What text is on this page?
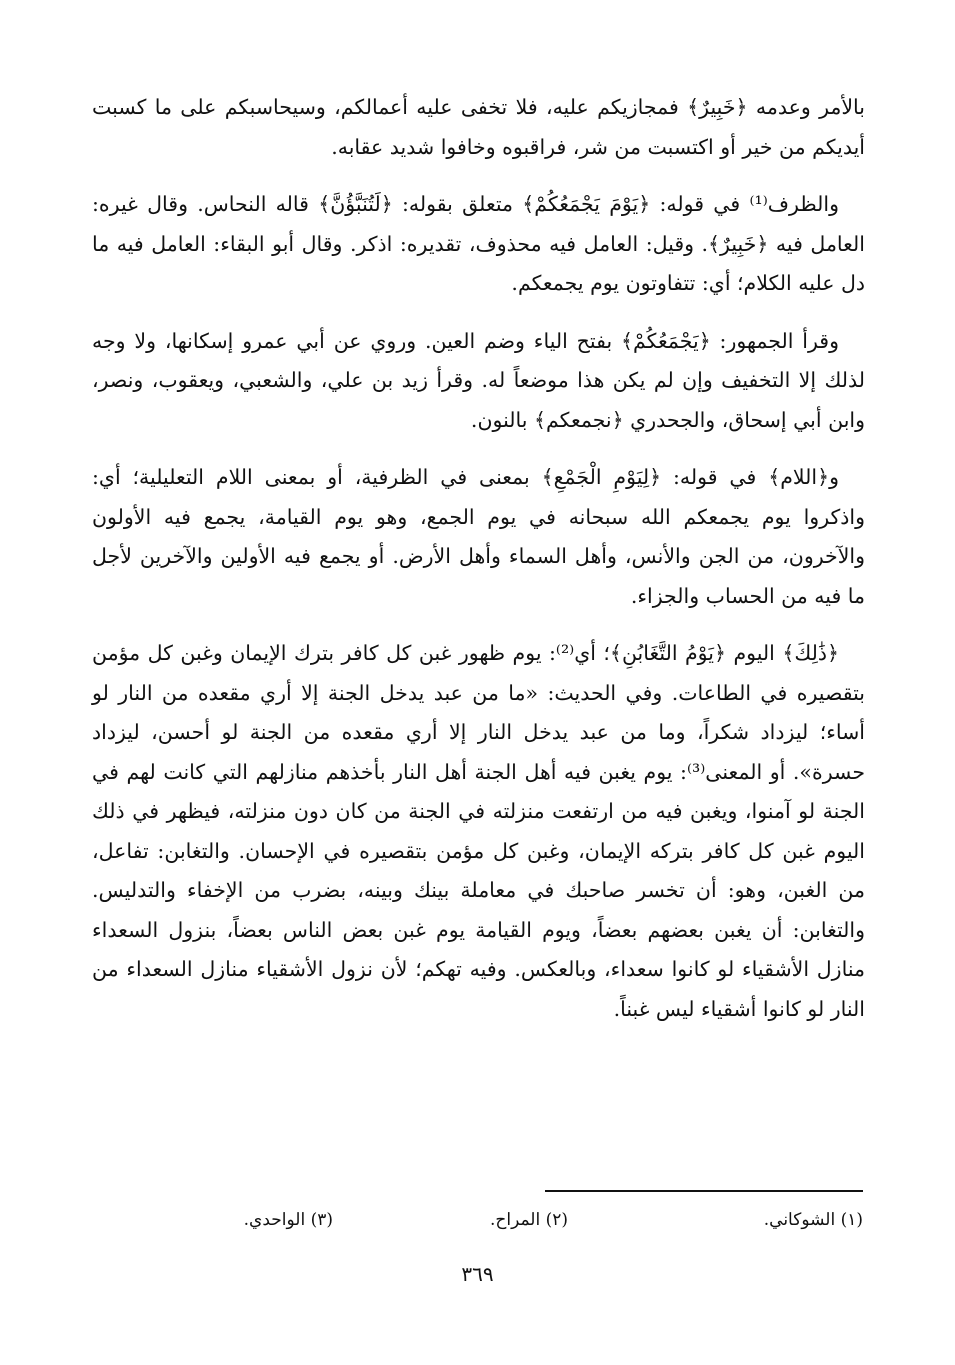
بالأمر وعدمه ﴿خَبِيرٌ﴾ فمجازيكم عليه، فلا تخفى عليه أعمالكم، وسيحاسبكم على ما كسبت أيديكم من خير أو اكتسبت من شر، فراقبوه وخافوا شديد عقابه.

والظرف⁽¹⁾ في قوله: ﴿يَوْمَ يَجْمَعُكُمْ﴾ متعلق بقوله: ﴿لَتُنَبَّؤُنَّ﴾ قاله النحاس. وقال غيره: العامل فيه ﴿خَبِيرٌ﴾. وقيل: العامل فيه محذوف، تقديره: اذكر. وقال أبو البقاء: العامل فيه ما دل عليه الكلام؛ أي: تتفاوتون يوم يجمعكم.

وقرأ الجمهور: ﴿يَجْمَعُكُمْ﴾ بفتح الياء وضم العين. وروي عن أبي عمرو إسكانها، ولا وجه لذلك إلا التخفيف وإن لم يكن هذا موضعاً له. وقرأ زيد بن علي، والشعبي، ويعقوب، ونصر، وابن أبي إسحاق، والجحدري ﴿نجمعكم﴾ بالنون.

و﴿اللام﴾ في قوله: ﴿لِيَوْمِ الْجَمْعِ﴾ بمعنى في الظرفية، أو بمعنى اللام التعليلية؛ أي: واذكروا يوم يجمعكم الله سبحانه في يوم الجمع، وهو يوم القيامة، يجمع فيه الأولون والآخرون، من الجن والأنس، وأهل السماء وأهل الأرض. أو يجمع فيه الأولين والآخرين لأجل ما فيه من الحساب والجزاء.

﴿ذَٰلِكَ﴾ اليوم ﴿يَوْمُ التَّغَابُنِ﴾؛ أي⁽²⁾: يوم ظهور غبن كل كافر بترك الإيمان وغبن كل مؤمن بتقصيره في الطاعات. وفي الحديث: «ما من عبد يدخل الجنة إلا أري مقعده من النار لو أساء؛ ليزداد شكراً، وما من عبد يدخل النار إلا أري مقعده من الجنة لو أحسن، ليزداد حسرة». أو المعنى⁽³⁾: يوم يغبن فيه أهل الجنة أهل النار بأخذهم منازلهم التي كانت لهم في الجنة لو آمنوا، ويغبن فيه من ارتفعت منزلته في الجنة من كان دون منزلته، فيظهر في ذلك اليوم غبن كل كافر بتركه الإيمان، وغبن كل مؤمن بتقصيره في الإحسان. والتغابن: تفاعل، من الغبن، وهو: أن تخسر صاحبك في معاملة بينك وبينه، بضرب من الإخفاء والتدليس. والتغابن: أن يغبن بعضهم بعضاً، ويوم القيامة يوم غبن بعض الناس بعضاً، بنزول السعداء منازل الأشقياء لو كانوا سعداء، وبالعكس. وفيه تهكم؛ لأن نزول الأشقياء منازل السعداء من النار لو كانوا أشقياء ليس غبناً.

(١) الشوكاني.
(٢) المراح.
(٣) الواحدي.
٣٦٩
